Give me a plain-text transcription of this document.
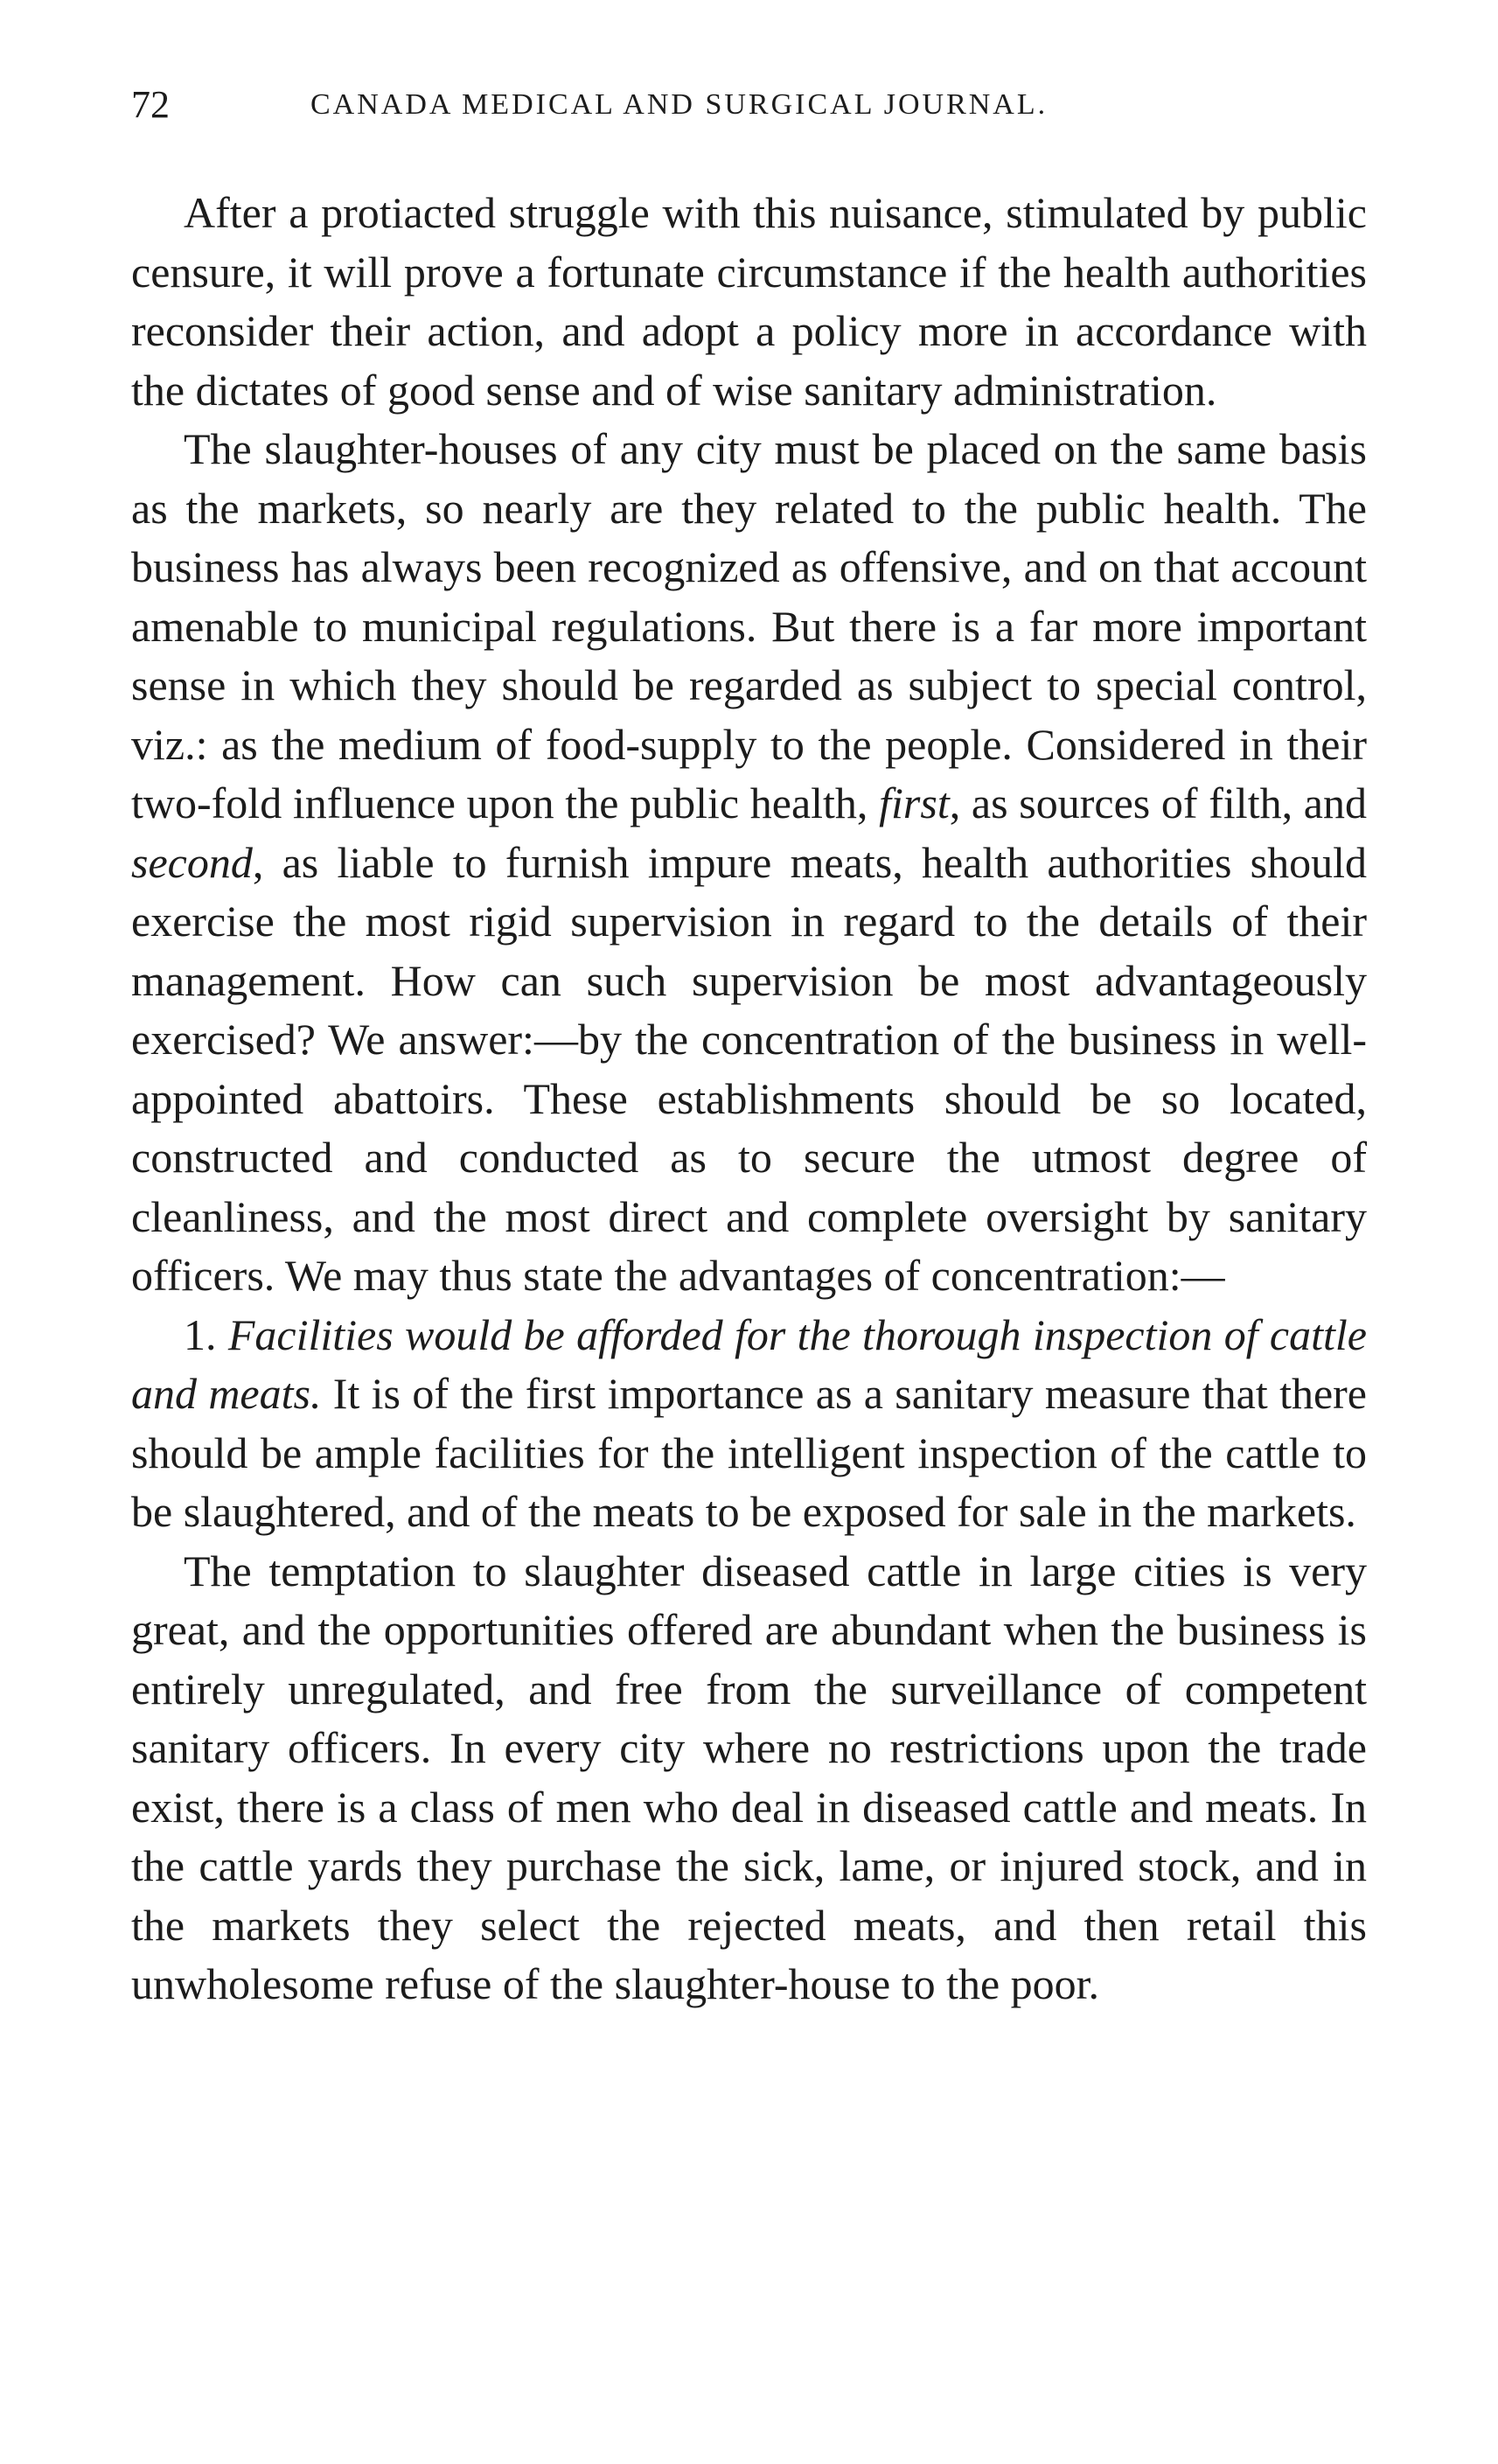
72	CANADA MEDICAL AND SURGICAL JOURNAL.

After a protiacted struggle with this nuisance, stimulated by public censure, it will prove a fortunate circumstance if the health authorities reconsider their action, and adopt a policy more in accordance with the dictates of good sense and of wise sanitary administration.

The slaughter-houses of any city must be placed on the same basis as the markets, so nearly are they related to the public health. The business has always been recognized as offensive, and on that account amenable to municipal regulations. But there is a far more important sense in which they should be regarded as subject to special control, viz.: as the medium of food-supply to the people. Considered in their two-fold influence upon the public health, first, as sources of filth, and second, as liable to furnish impure meats, health authorities should exercise the most rigid supervision in regard to the details of their management. How can such supervision be most advantageously exercised? We answer:—by the concentration of the business in well-appointed abattoirs. These establishments should be so located, constructed and conducted as to secure the utmost degree of cleanliness, and the most direct and complete oversight by sanitary officers. We may thus state the advantages of concentration:—

1. Facilities would be afforded for the thorough inspection of cattle and meats. It is of the first importance as a sanitary measure that there should be ample facilities for the intelligent inspection of the cattle to be slaughtered, and of the meats to be exposed for sale in the markets.

The temptation to slaughter diseased cattle in large cities is very great, and the opportunities offered are abundant when the business is entirely unregulated, and free from the surveillance of competent sanitary officers. In every city where no restrictions upon the trade exist, there is a class of men who deal in diseased cattle and meats. In the cattle yards they purchase the sick, lame, or injured stock, and in the markets they select the rejected meats, and then retail this unwholesome refuse of the slaughter-house to the poor.
